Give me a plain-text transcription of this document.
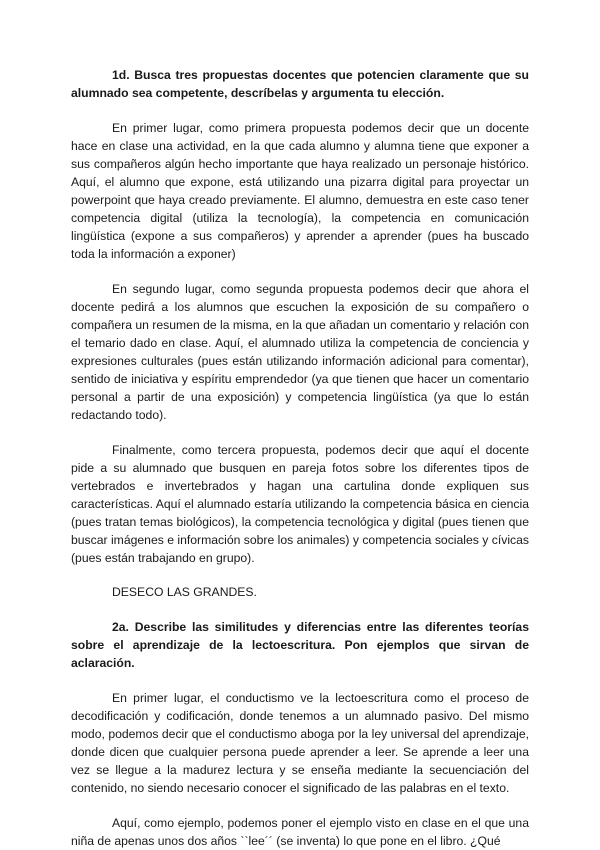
1d. Busca tres propuestas docentes que potencien claramente que su alumnado sea competente, descríbelas y argumenta tu elección.

En primer lugar, como primera propuesta podemos decir que un docente hace en clase una actividad, en la que cada alumno y alumna tiene que exponer a sus compañeros algún hecho importante que haya realizado un personaje histórico. Aquí, el alumno que expone, está utilizando una pizarra digital para proyectar un powerpoint que haya creado previamente. El alumno, demuestra en este caso tener competencia digital (utiliza la tecnología), la competencia en comunicación lingüística (expone a sus compañeros) y aprender a aprender (pues ha buscado toda la información a exponer)

En segundo lugar, como segunda propuesta podemos decir que ahora el docente pedirá a los alumnos que escuchen la exposición de su compañero o compañera un resumen de la misma, en la que añadan un comentario y relación con el temario dado en clase. Aquí, el alumnado utiliza la competencia de conciencia y expresiones culturales (pues están utilizando información adicional para comentar), sentido de iniciativa y espíritu emprendedor (ya que tienen que hacer un comentario personal a partir de una exposición) y competencia lingüística (ya que lo están redactando todo).

Finalmente, como tercera propuesta, podemos decir que aquí el docente pide a su alumnado que busquen en pareja fotos sobre los diferentes tipos de vertebrados e invertebrados y hagan una cartulina donde expliquen sus características. Aquí el alumnado estaría utilizando la competencia básica en ciencia (pues tratan temas biológicos), la competencia tecnológica y digital (pues tienen que buscar imágenes e información sobre los animales) y competencia sociales y cívicas (pues están trabajando en grupo).

DESECO LAS GRANDES.

2a. Describe las similitudes y diferencias entre las diferentes teorías sobre el aprendizaje de la lectoescritura. Pon ejemplos que sirvan de aclaración.

En primer lugar, el conductismo ve la lectoescritura como el proceso de decodificación y codificación, donde tenemos a un alumnado pasivo. Del mismo modo, podemos decir que el conductismo aboga por la ley universal del aprendizaje, donde dicen que cualquier persona puede aprender a leer. Se aprende a leer una vez se llegue a la madurez lectura y se enseña mediante la secuenciación del contenido, no siendo necesario conocer el significado de las palabras en el texto.

Aquí, como ejemplo, podemos poner el ejemplo visto en clase en el que una niña de apenas unos dos años ``lee´´ (se inventa) lo que pone en el libro. ¿Qué
